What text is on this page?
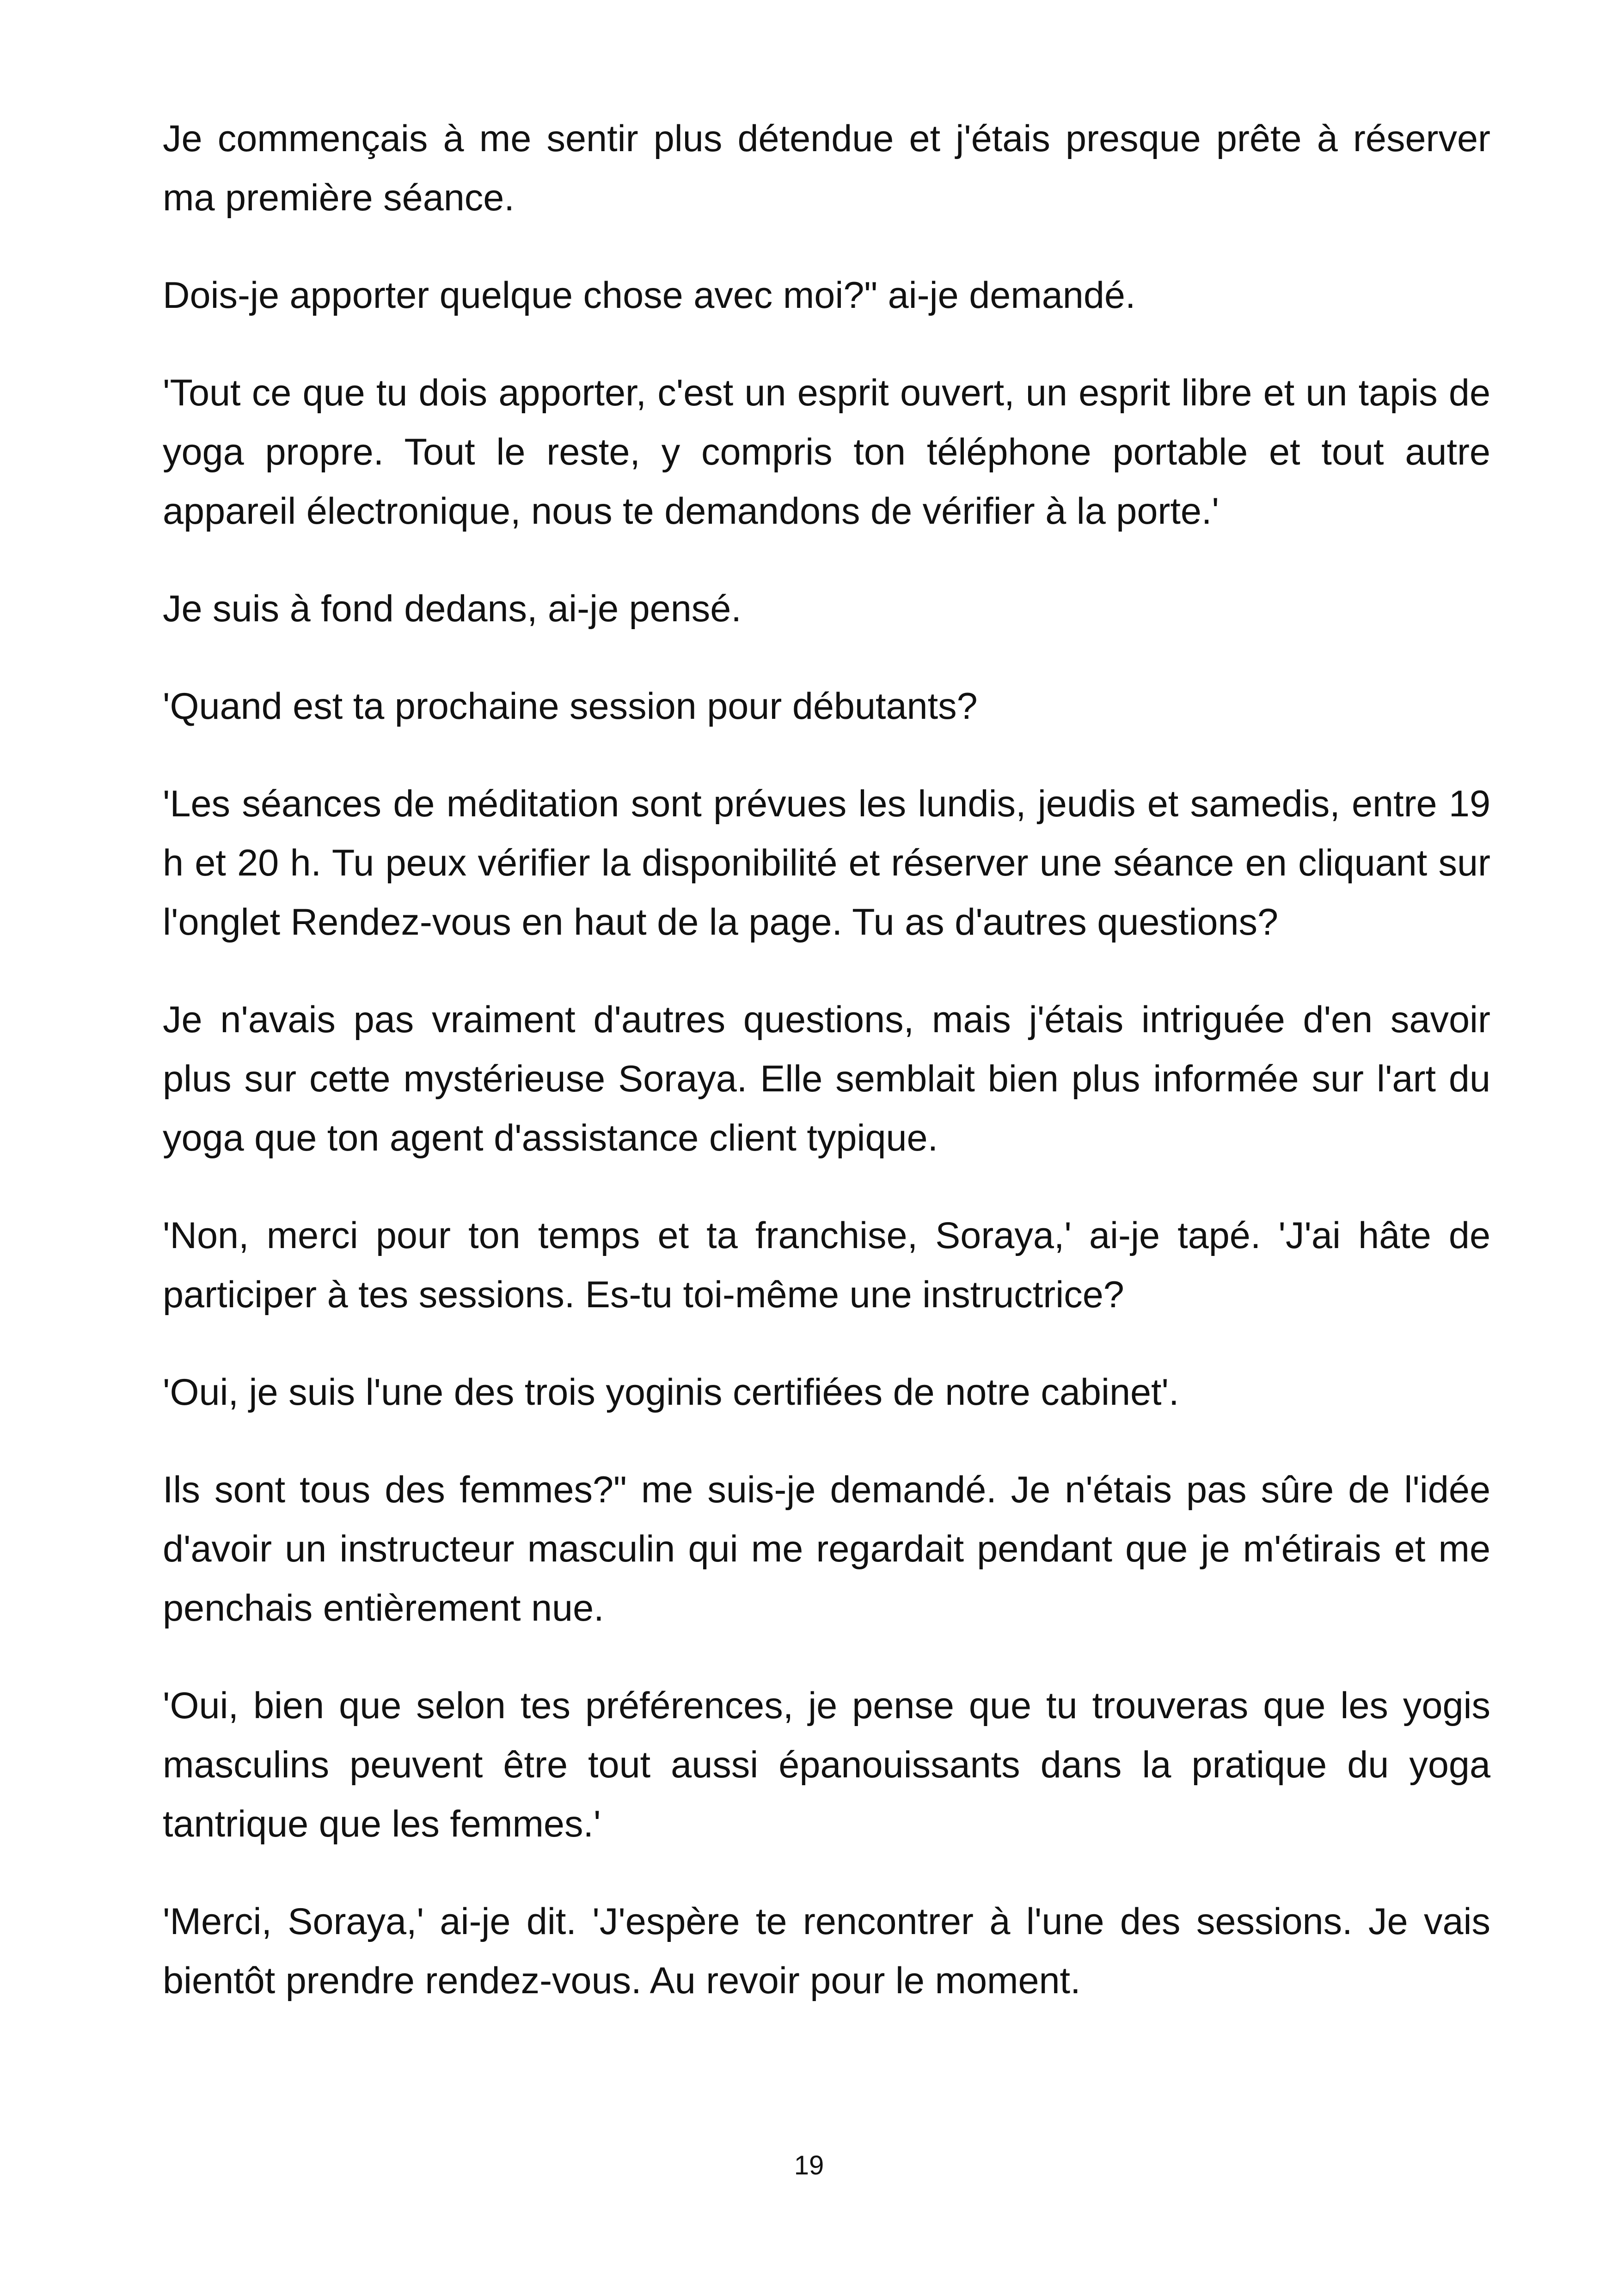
Je commençais à me sentir plus détendue et j'étais presque prête à réserver ma première séance.

Dois-je apporter quelque chose avec moi?" ai-je demandé.

'Tout ce que tu dois apporter, c'est un esprit ouvert, un esprit libre et un tapis de yoga propre. Tout le reste, y compris ton téléphone portable et tout autre appareil électronique, nous te demandons de vérifier à la porte.'

Je suis à fond dedans, ai-je pensé.

'Quand est ta prochaine session pour débutants?

'Les séances de méditation sont prévues les lundis, jeudis et samedis, entre 19 h et 20 h. Tu peux vérifier la disponibilité et réserver une séance en cliquant sur l'onglet Rendez-vous en haut de la page. Tu as d'autres questions?

Je n'avais pas vraiment d'autres questions, mais j'étais intriguée d'en savoir plus sur cette mystérieuse Soraya. Elle semblait bien plus informée sur l'art du yoga que ton agent d'assistance client typique.

'Non, merci pour ton temps et ta franchise, Soraya,' ai-je tapé. 'J'ai hâte de participer à tes sessions. Es-tu toi-même une instructrice?

'Oui, je suis l'une des trois yoginis certifiées de notre cabinet'.

Ils sont tous des femmes?" me suis-je demandé. Je n'étais pas sûre de l'idée d'avoir un instructeur masculin qui me regardait pendant que je m'étirais et me penchais entièrement nue.

'Oui, bien que selon tes préférences, je pense que tu trouveras que les yogis masculins peuvent être tout aussi épanouissants dans la pratique du yoga tantrique que les femmes.'

'Merci, Soraya,' ai-je dit. 'J'espère te rencontrer à l'une des sessions. Je vais bientôt prendre rendez-vous. Au revoir pour le moment.

19
